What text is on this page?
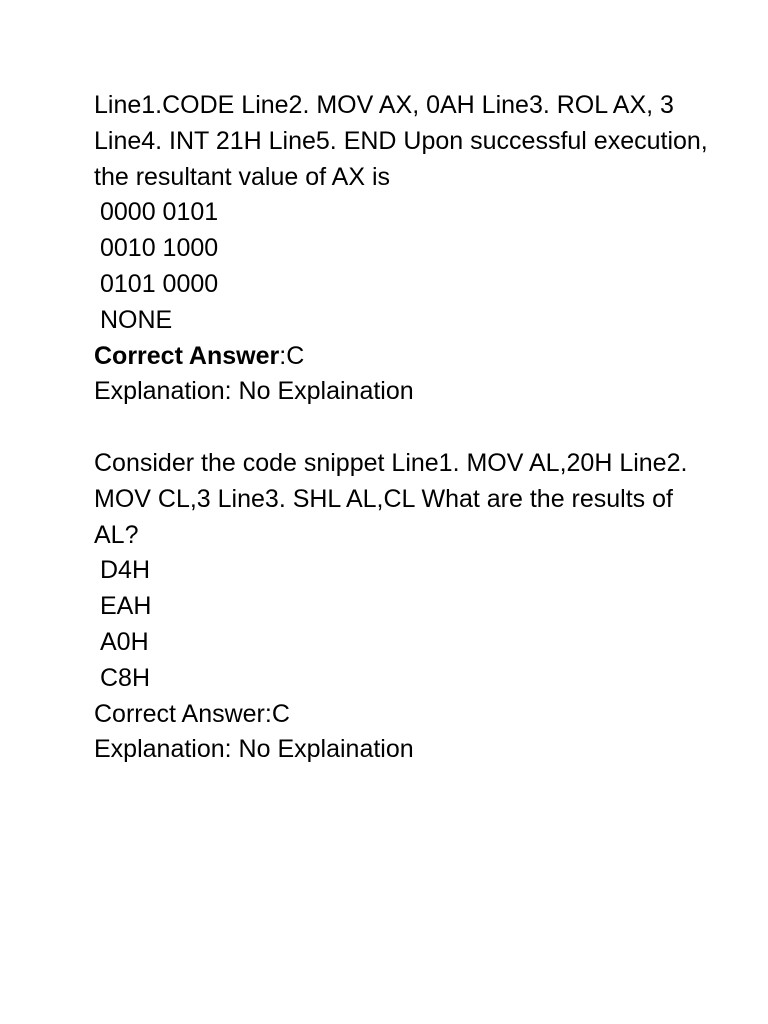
Line1.CODE Line2. MOV AX, 0AH Line3. ROL AX, 3 Line4. INT 21H Line5. END Upon successful execution, the resultant value of AX is

0000 0101
0010 1000
0101 0000
NONE
Correct Answer:C
Explanation: No Explaination

Consider the code snippet Line1. MOV AL,20H Line2. MOV CL,3 Line3. SHL AL,CL What are the results of AL?

D4H
EAH
A0H
C8H
Correct Answer:C
Explanation: No Explaination
